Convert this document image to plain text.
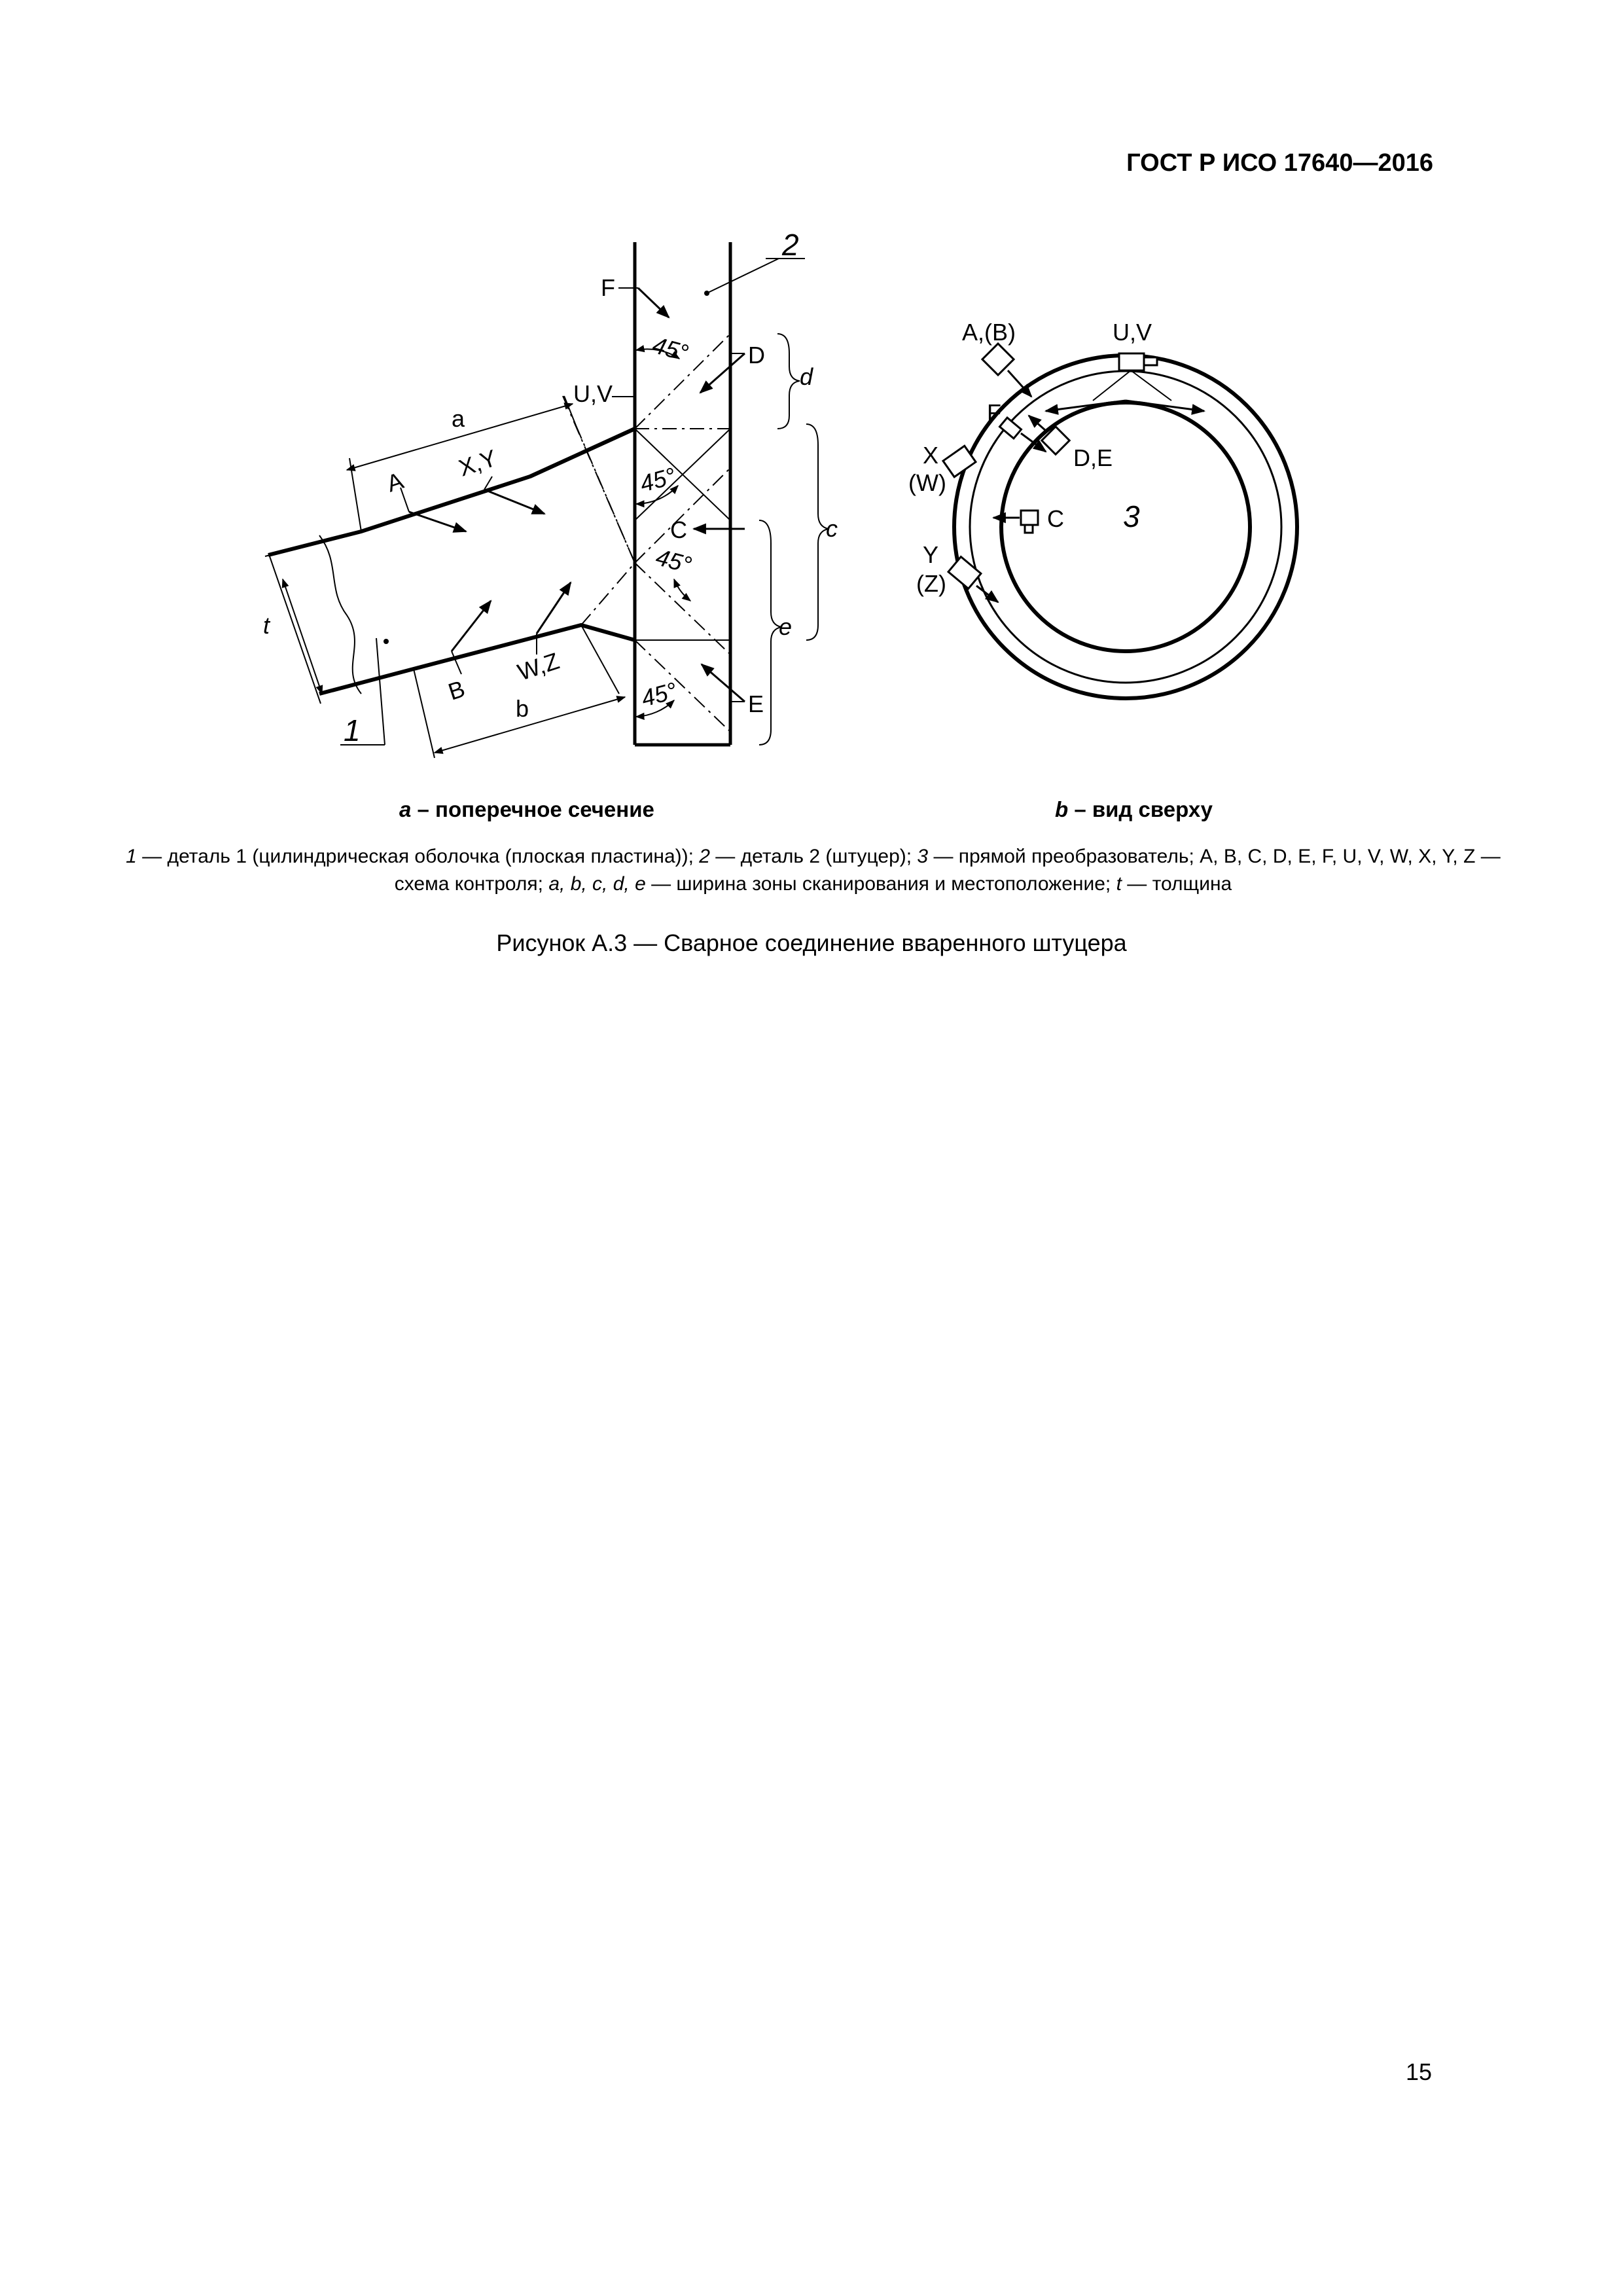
ГОСТ Р ИСО 17640—2016
2
F
U,V
D
d
c
C
e
E
a
b
t
1
A
X,Y
B
W,Z
45°
45°
45°
45°
A,(B)	U,V
F
D,E
X
(W)
C
Y
(Z)
3
a – поперечное сечение	b – вид сверху
1 — деталь 1 (цилиндрическая оболочка (плоская пластина)); 2 — деталь 2 (штуцер); 3 — прямой преобразователь; A, B, C, D, E, F, U, V, W, X, Y, Z — схема контроля; a, b, c, d, e — ширина зоны сканирования и местоположение; t — толщина
Рисунок А.3 — Сварное соединение вваренного штуцера
15
